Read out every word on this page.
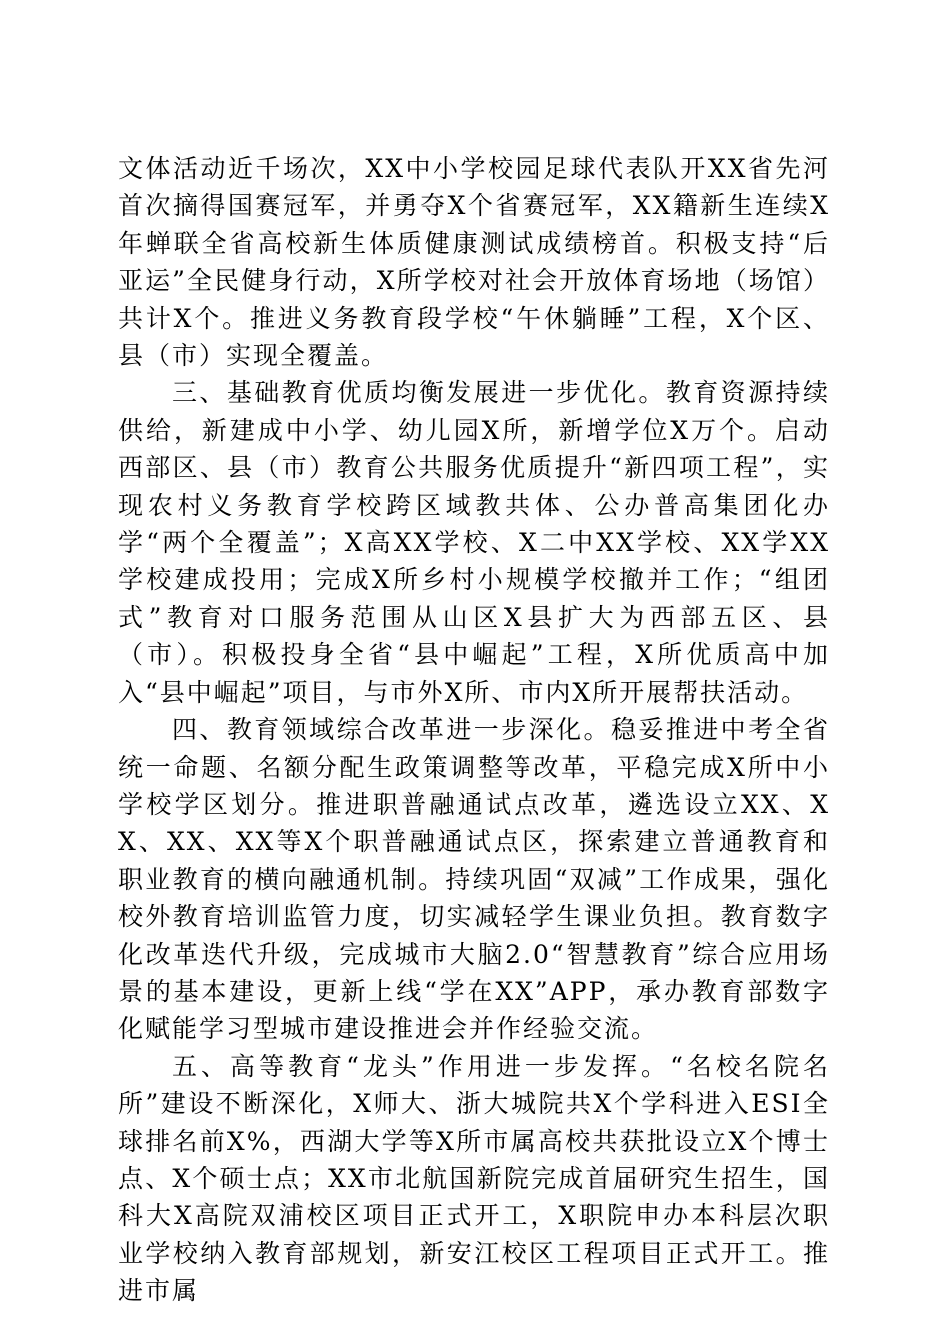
文体活动近千场次，XX中小学校园足球代表队开XX省先河首次摘得国赛冠军，并勇夺X个省赛冠军，XX籍新生连续X年蝉联全省高校新生体质健康测试成绩榜首。积极支持“后亚运”全民健身行动，X所学校对社会开放体育场地（场馆）共计X个。推进义务教育段学校“午休躺睡”工程，X个区、县（市）实现全覆盖。

三、基础教育优质均衡发展进一步优化。教育资源持续供给，新建成中小学、幼儿园X所，新增学位X万个。启动西部区、县（市）教育公共服务优质提升“新四项工程”，实现农村义务教育学校跨区域教共体、公办普高集团化办学“两个全覆盖”；X高XX学校、X二中XX学校、XX学XX学校建成投用；完成X所乡村小规模学校撤并工作；“组团式”教育对口服务范围从山区X县扩大为西部五区、县（市）。积极投身全省“县中崛起”工程，X所优质高中加入“县中崛起”项目，与市外X所、市内X所开展帮扶活动。

四、教育领域综合改革进一步深化。稳妥推进中考全省统一命题、名额分配生政策调整等改革，平稳完成X所中小学校学区划分。推进职普融通试点改革，遴选设立XX、XX、XX、XX等X个职普融通试点区，探索建立普通教育和职业教育的横向融通机制。持续巩固“双减”工作成果，强化校外教育培训监管力度，切实减轻学生课业负担。教育数字化改革迭代升级，完成城市大脑2.0“智慧教育”综合应用场景的基本建设，更新上线“学在XX”APP，承办教育部数字化赋能学习型城市建设推进会并作经验交流。

五、高等教育“龙头”作用进一步发挥。“名校名院名所”建设不断深化，X师大、浙大城院共X个学科进入ESI全球排名前X%，西湖大学等X所市属高校共获批设立X个博士点、X个硕士点；XX市北航国新院完成首届研究生招生，国科大X高院双浦校区项目正式开工，X职院申办本科层次职业学校纳入教育部规划，新安江校区工程项目正式开工。推进市属
